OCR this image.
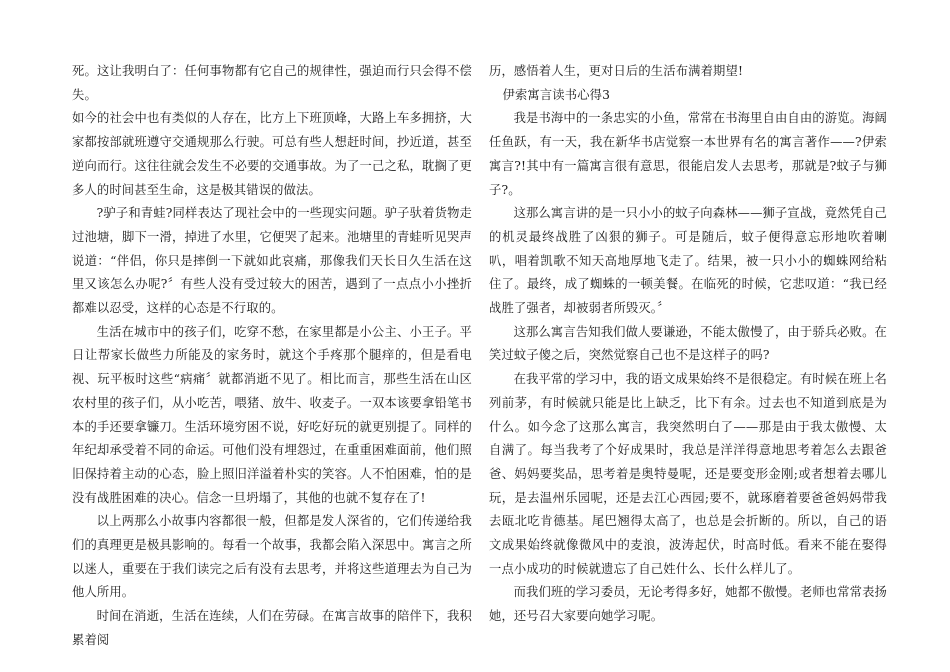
死。这让我明白了：任何事物都有它自己的规律性，强迫而行只会得不偿失。

如今的社会中也有类似的人存在，比方上下班顶峰，大路上车多拥挤，大家都按部就班遵守交通规那么行驶。可总有些人想赶时间，抄近道，甚至逆向而行。这往往就会发生不必要的交通事故。为了一己之私，耽搁了更多人的时间甚至生命，这是极其错误的做法。

?驴子和青蛙?同样表达了现社会中的一些现实问题。驴子驮着货物走过池塘，脚下一滑，掉进了水里，它便哭了起来。池塘里的青蛙听见哭声说道：“伴侣，你只是摔倒一下就如此哀痛，那像我们天长日久生活在这里又该怎么办呢?〞有些人没有受过较大的困苦，遇到了一点点小小挫折都难以忍受，这样的心态是不行取的。

生活在城市中的孩子们，吃穿不愁，在家里都是小公主、小王子。平日让帮家长做些力所能及的家务时，就这个手疼那个腿痒的，但是看电视、玩平板时这些“病痛〞就都消逝不见了。相比而言，那些生活在山区农村里的孩子们，从小吃苦，喂猪、放牛、收麦子。一双本该要拿铅笔书本的手还要拿镰刀。生活环境穷困不说，好吃好玩的就更别提了。同样的年纪却承受着不同的命运。可他们没有埋怨过，在重重困难面前，他们照旧保持着主动的心态，脸上照旧洋溢着朴实的笑容。人不怕困难，怕的是没有战胜困难的决心。信念一旦坍塌了，其他的也就不复存在了!

以上两那么小故事内容都很一般，但都是发人深省的，它们传递给我们的真理更是极具影响的。每看一个故事，我都会陷入深思中。寓言之所以迷人，重要在于我们读完之后有没有去思考，并将这些道理去为自己为他人所用。

时间在消逝，生活在连续，人们在劳碌。在寓言故事的陪伴下，我积累着阅

历，感悟着人生，更对日后的生活布满着期望!

伊索寓言读书心得3

我是书海中的一条忠实的小鱼，常常在书海里自由自由的游览。海阔任鱼跃，有一天，我在新华书店觉察一本世界有名的寓言著作——?伊索寓言?!其中有一篇寓言很有意思，很能启发人去思考，那就是?蚊子与狮子?。

这那么寓言讲的是一只小小的蚊子向森林——狮子宣战，竟然凭自己的机灵最终战胜了凶狠的狮子。可是随后，蚊子便得意忘形地吹着喇叭，唱着凯歌不知天高地厚地飞走了。结果，被一只小小的蜘蛛网给粘住了。最终，成了蜘蛛的一顿美餐。在临死的时候，它悲叹道：“我已经战胜了强者，却被弱者所毁灭。〞

这那么寓言告知我们做人要谦逊，不能太傲慢了，由于骄兵必败。在笑过蚊子傻之后，突然觉察自己也不是这样子的吗?

在我平常的学习中，我的语文成果始终不是很稳定。有时候在班上名列前茅，有时候就只能是比上缺乏，比下有余。过去也不知道到底是为什么。如今念了这那么寓言，我突然明白了——那是由于我太傲慢、太自满了。每当我考了个好成果时，我总是洋洋得意地思考着怎么去跟爸爸、妈妈要奖品，思考着是奥特曼呢，还是要变形金刚;或者想着去哪儿玩，是去温州乐园呢，还是去江心西园;要不，就琢磨着要爸爸妈妈带我去瓯北吃肯德基。尾巴翘得太高了，也总是会折断的。所以，自己的语文成果始终就像微风中的麦浪，波涛起伏，时高时低。看来不能在娶得一点小成功的时候就遗忘了自己姓什么、长什么样儿了。

而我们班的学习委员，无论考得多好，她都不傲慢。老师也常常表扬她，还号召大家要向她学习呢。
